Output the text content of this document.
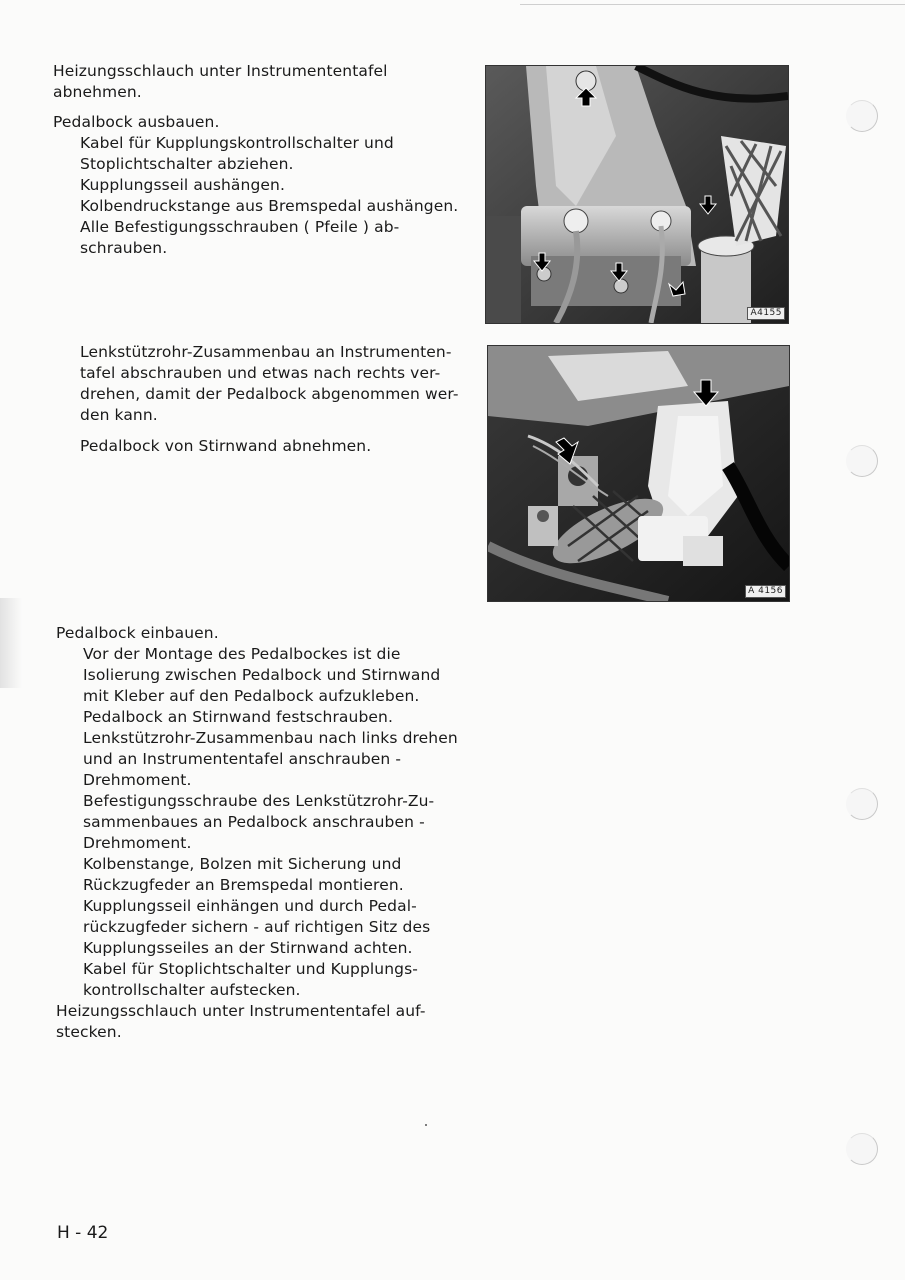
Heizungsschlauch unter Instrumententafel
abnehmen.
Pedalbock ausbauen.
Kabel für Kupplungskontrollschalter und
Stoplichtschalter abziehen.
Kupplungsseil aushängen.
Kolbendruckstange aus Bremspedal aushängen.
Alle Befestigungsschrauben ( Pfeile ) ab-
schrauben.
Lenkstützrohr-Zusammenbau an Instrumenten-
tafel abschrauben und etwas nach rechts ver-
drehen, damit der Pedalbock abgenommen wer-
den kann.
Pedalbock von Stirnwand abnehmen.
Pedalbock einbauen.
Vor der Montage des Pedalbockes ist die
Isolierung zwischen Pedalbock und Stirnwand
mit Kleber auf den Pedalbock aufzukleben.
Pedalbock an Stirnwand festschrauben.
Lenkstützrohr-Zusammenbau nach links drehen
und an Instrumententafel anschrauben -
Drehmoment.
Befestigungsschraube des Lenkstützrohr-Zu-
sammenbaues an Pedalbock anschrauben -
Drehmoment.
Kolbenstange, Bolzen mit Sicherung und
Rückzugfeder an Bremspedal montieren.
Kupplungsseil einhängen und durch Pedal-
rückzugfeder sichern - auf richtigen Sitz des
Kupplungsseiles an der Stirnwand achten.
Kabel für Stoplichtschalter und Kupplungs-
kontrollschalter aufstecken.
Heizungsschlauch unter Instrumententafel auf-
stecken.
A4155
A 4156
H - 42
